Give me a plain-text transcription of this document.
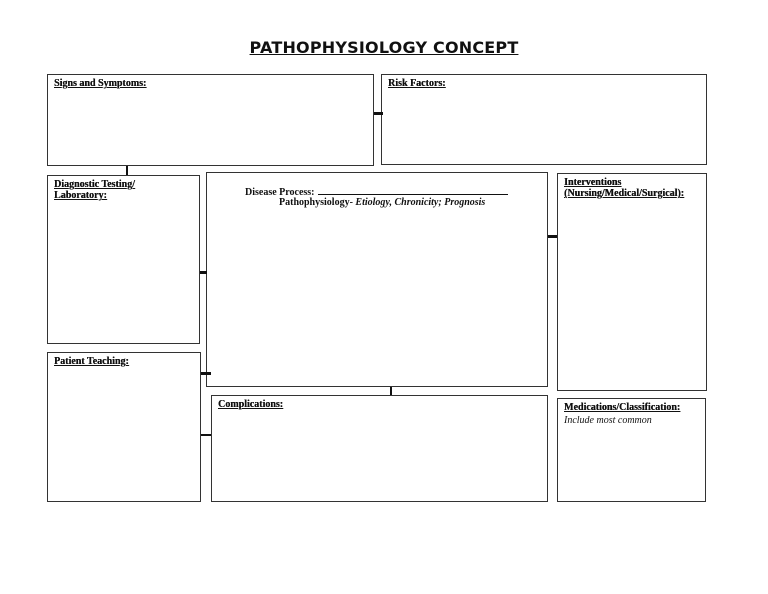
PATHOPHYSIOLOGY CONCEPT
Signs and Symptoms:	Risk Factors:
Diagnostic Testing/
Laboratory:	Disease Process:
Pathophysiology- Etiology, Chronicity; Prognosis
Interventions
(Nursing/Medical/Surgical):
Patient Teaching:
Complications:	Medications/Classification:
Include most common
